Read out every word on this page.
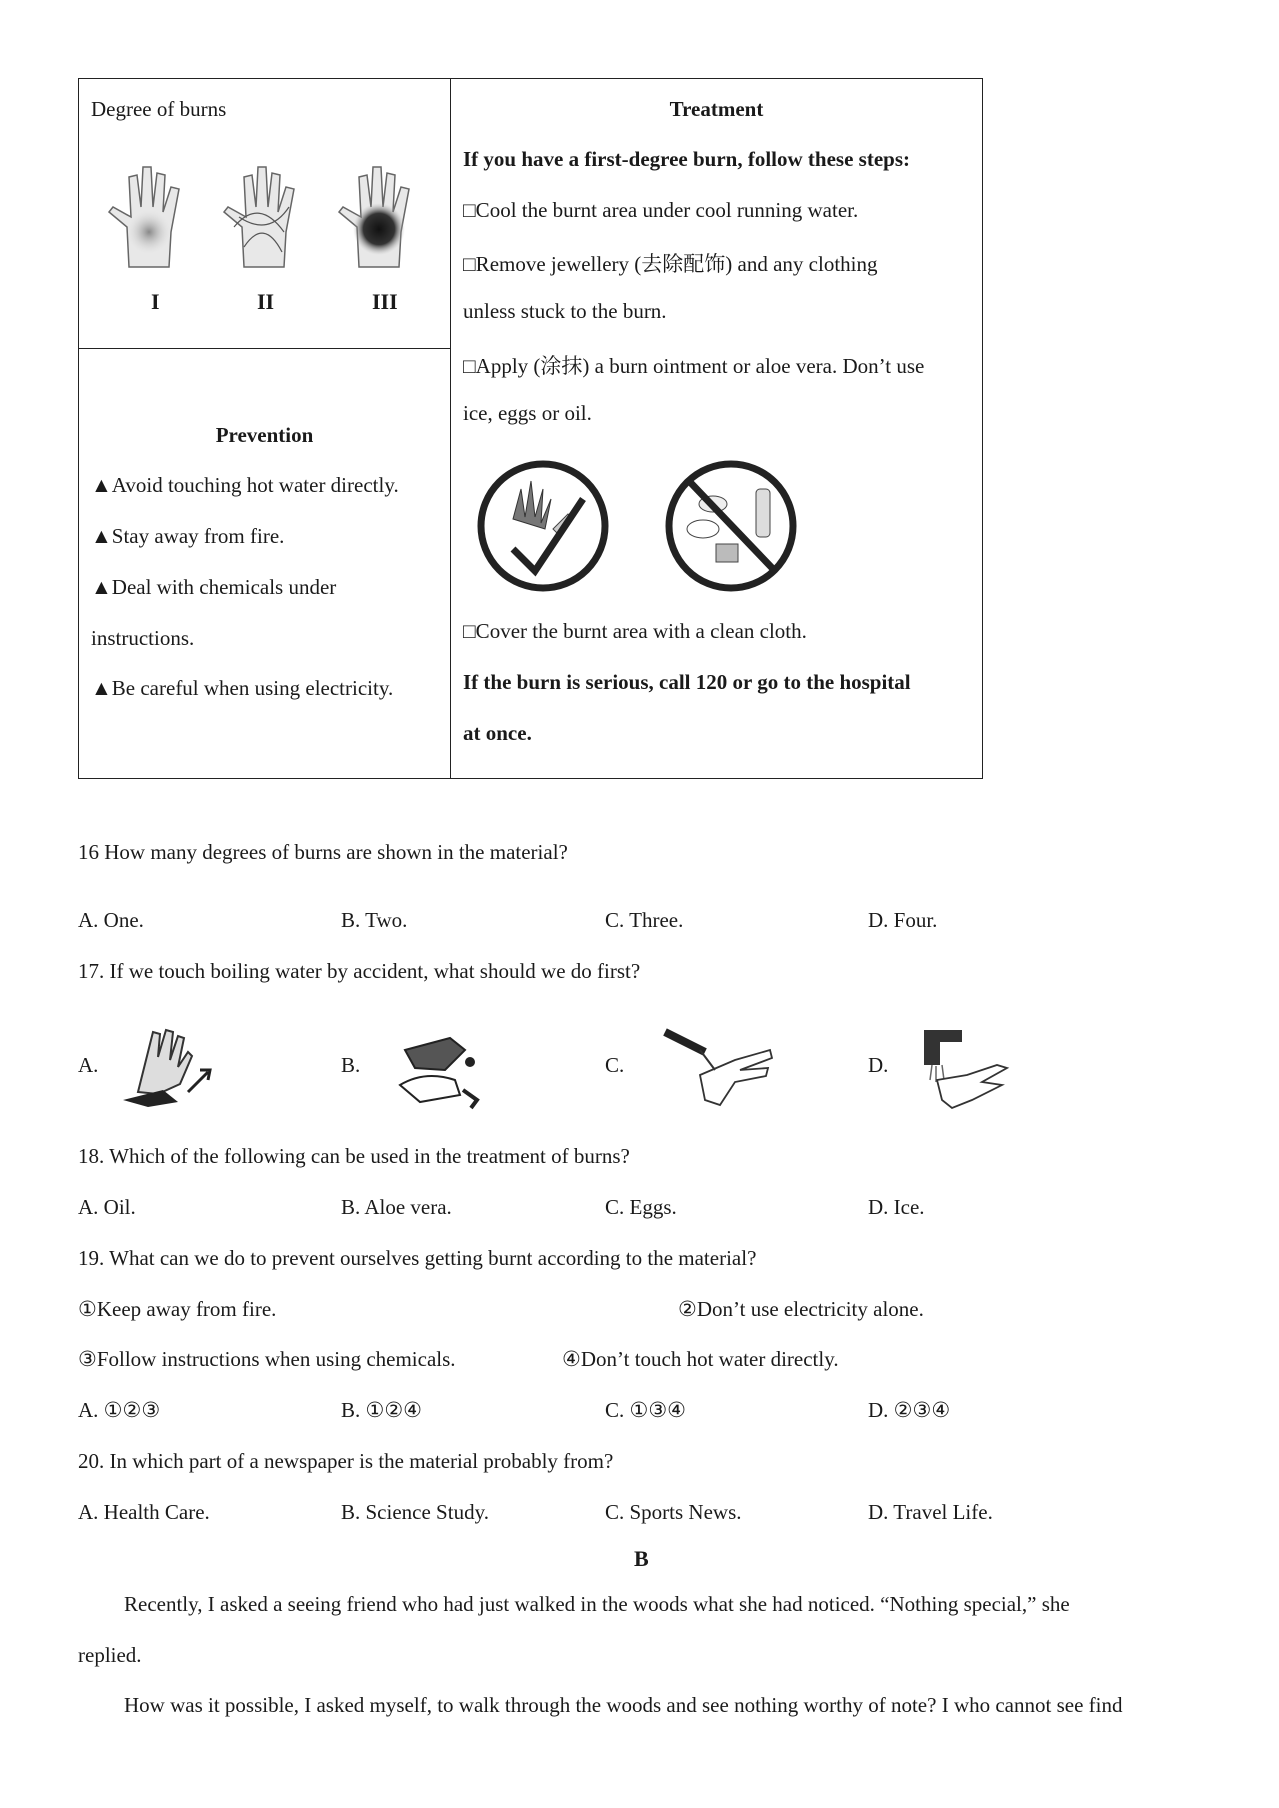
Degree of burns
I	II	III

Treatment
If you have a first-degree burn, follow these steps:
□Cool the burnt area under cool running water.
□Remove jewellery (去除配饰) and any clothing
unless stuck to the burn.
□Apply (涂抹) a burn ointment or aloe vera. Don’t use
ice, eggs or oil.
□Cover the burnt area with a clean cloth.
If the burn is serious, call 120 or go to the hospital
at once.

Prevention
▲Avoid touching hot water directly.
▲Stay away from fire.
▲Deal with chemicals under
instructions.
▲Be careful when using electricity.
16 How many degrees of burns are shown in the material?
A. One.	B. Two.	C. Three.	D. Four.
17. If we touch boiling water by accident, what should we do first?
A.	B.	C.	D.
18. Which of the following can be used in the treatment of burns?
A. Oil.	B. Aloe vera.	C. Eggs.	D. Ice.
19. What can we do to prevent ourselves getting burnt according to the material?
①Keep away from fire.	②Don’t use electricity alone.
③Follow instructions when using chemicals.	④Don’t touch hot water directly.
A. ①②③	B. ①②④	C. ①③④	D. ②③④
20. In which part of a newspaper is the material probably from?
A. Health Care.	B. Science Study.	C. Sports News.	D. Travel Life.
B
Recently, I asked a seeing friend who had just walked in the woods what she had noticed. “Nothing special,” she
replied.
How was it possible, I asked myself, to walk through the woods and see nothing worthy of note? I who cannot see find
